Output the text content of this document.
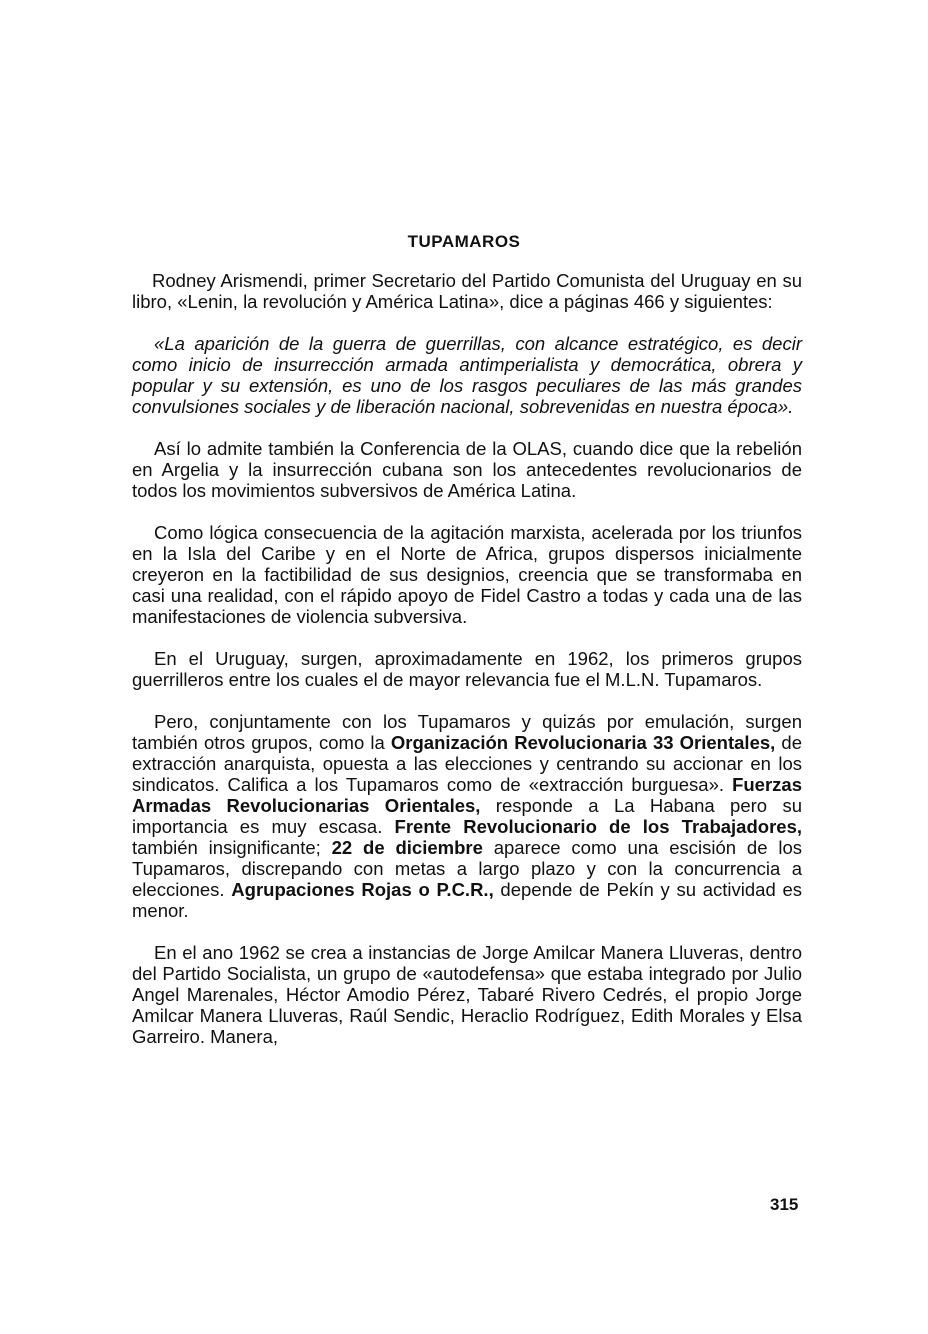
TUPAMAROS

Rodney Arismendi, primer Secretario del Partido Comunista del Uruguay en su libro, «Lenin, la revolución y América Latina», dice a páginas 466 y siguientes:

«La aparición de la guerra de guerrillas, con alcance estratégico, es decir como inicio de insurrección armada antimperialista y democrática, obrera y popular y su extensión, es uno de los rasgos peculiares de las más grandes convulsiones sociales y de liberación nacional, sobrevenidas en nuestra época».

Así lo admite también la Conferencia de la OLAS, cuando dice que la rebelión en Argelia y la insurrección cubana son los antecedentes revolucionarios de todos los movimientos subversivos de América Latina.

Como lógica consecuencia de la agitación marxista, acelerada por los triunfos en la Isla del Caribe y en el Norte de Africa, grupos dispersos inicialmente creyeron en la factibilidad de sus designios, creencia que se transformaba en casi una realidad, con el rápido apoyo de Fidel Castro a todas y cada una de las manifestaciones de violencia subversiva.

En el Uruguay, surgen, aproximadamente en 1962, los primeros grupos guerrilleros entre los cuales el de mayor relevancia fue el M.L.N. Tupamaros.

Pero, conjuntamente con los Tupamaros y quizás por emulación, surgen también otros grupos, como la Organización Revolucionaria 33 Orientales, de extracción anarquista, opuesta a las elecciones y centrando su accionar en los sindicatos. Califica a los Tupamaros como de «extracción burguesa». Fuerzas Armadas Revolucionarias Orientales, responde a La Habana pero su importancia es muy escasa. Frente Revolucionario de los Trabajadores, también insignificante; 22 de diciembre aparece como una escisión de los Tupamaros, discrepando con metas a largo plazo y con la concurrencia a elecciones. Agrupaciones Rojas o P.C.R., depende de Pekín y su actividad es menor.

En el ano 1962 se crea a instancias de Jorge Amilcar Manera Lluveras, dentro del Partido Socialista, un grupo de «autodefensa» que estaba integrado por Julio Angel Marenales, Héctor Amodio Pérez, Tabaré Rivero Cedrés, el propio Jorge Amilcar Manera Lluveras, Raúl Sendic, Heraclio Rodríguez, Edith Morales y Elsa Garreiro. Manera,

315
